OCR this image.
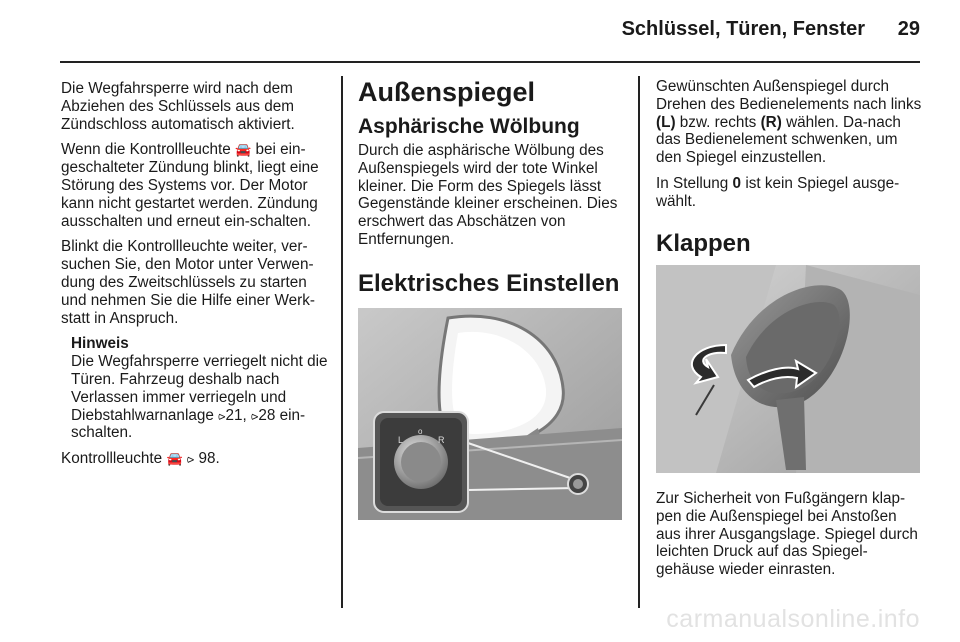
Schlüssel, Türen, Fenster 29

Die Wegfahrsperre wird nach dem Abziehen des Schlüssels aus dem Zündschloss automatisch aktiviert.

Wenn die Kontrollleuchte 🚘 bei ein-geschalteter Zündung blinkt, liegt eine Störung des Systems vor. Der Motor kann nicht gestartet werden. Zündung ausschalten und erneut ein-schalten.

Blinkt die Kontrollleuchte weiter, ver-suchen Sie, den Motor unter Verwen-dung des Zweitschlüssels zu starten und nehmen Sie die Hilfe einer Werk-statt in Anspruch.

Hinweis
Die Wegfahrsperre verriegelt nicht die Türen. Fahrzeug deshalb nach Verlassen immer verriegeln und Diebstahlwarnanlage ⪧21, ⪧28 ein-schalten.

Kontrollleuchte 🚘 ⪧ 98.

Außenspiegel
Asphärische Wölbung

Durch die asphärische Wölbung des Außenspiegels wird der tote Winkel kleiner. Die Form des Spiegels lässt Gegenstände kleiner erscheinen. Dies erschwert das Abschätzen von Entfernungen.

Elektrisches Einstellen
L
o
R

Gewünschten Außenspiegel durch Drehen des Bedienelements nach links (L) bzw. rechts (R) wählen. Da-nach das Bedienelement schwenken, um den Spiegel einzustellen.

In Stellung 0 ist kein Spiegel ausge-wählt.

Klappen

Zur Sicherheit von Fußgängern klap-pen die Außenspiegel bei Anstoßen aus ihrer Ausgangslage. Spiegel durch leichten Druck auf das Spiegel-gehäuse wieder einrasten.

carmanualsonline.info
